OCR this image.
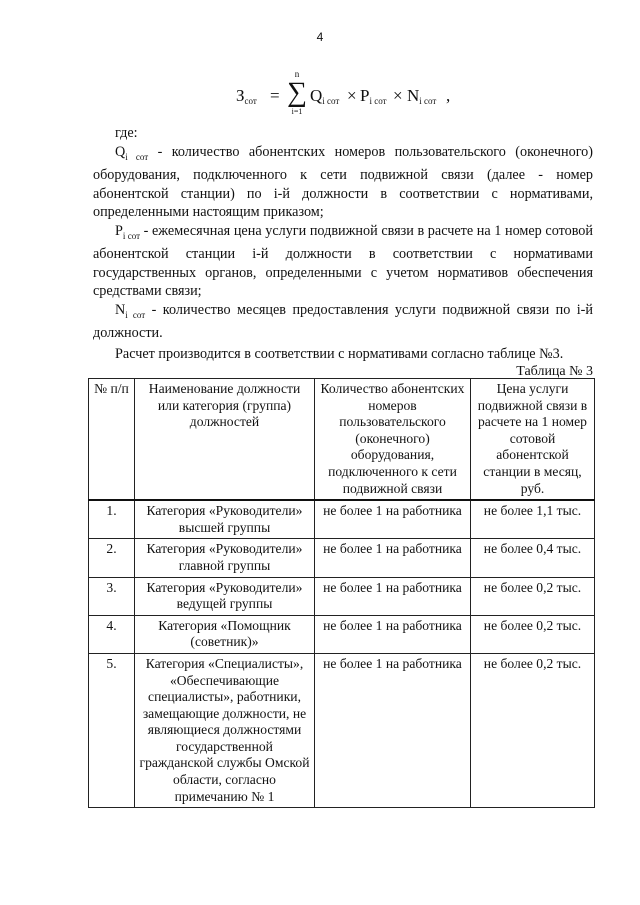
4
$З_{сот}$ =
n
∑
i=1
$Q_{i сот} \times P_{i сот} \times N_{i сот}$ ,

где:

$Q_{i сот}$ - количество абонентских номеров пользовательского (оконечного) оборудования, подключенного к сети подвижной связи (далее - номер абонентской станции) по i-й должности в соответствии с нормативами, определенными настоящим приказом;

$P_{i сот}$ - ежемесячная цена услуги подвижной связи в расчете на 1 номер сотовой абонентской станции i-й должности в соответствии с нормативами государственных органов, определенными с учетом нормативов обеспечения средствами связи;

$N_{i сот}$ - количество месяцев предоставления услуги подвижной связи по i-й должности.

Расчет производится в соответствии с нормативами согласно таблице №3.

Таблица № 3
№ п/п	Наименование должности или категория (группа) должностей	Количество абонентских номеров пользовательского (оконечного) оборудования, подключенного к сети подвижной связи	Цена услуги подвижной связи в расчете на 1 номер сотовой абонентской станции в месяц, руб.
1.	Категория «Руководители» высшей группы	не более 1 на работника	не более 1,1 тыс.
2.	Категория «Руководители» главной группы	не более 1 на работника	не более 0,4 тыс.
3.	Категория «Руководители» ведущей группы	не более 1 на работника	не более 0,2 тыс.
4.	Категория «Помощник (советник)»	не более 1 на работника	не более 0,2 тыс.
5.	Категория «Специалисты», «Обеспечивающие специалисты», работники, замещающие должности, не являющиеся должностями государственной гражданской службы Омской области, согласно примечанию № 1	не более 1 на работника	не более 0,2 тыс.
